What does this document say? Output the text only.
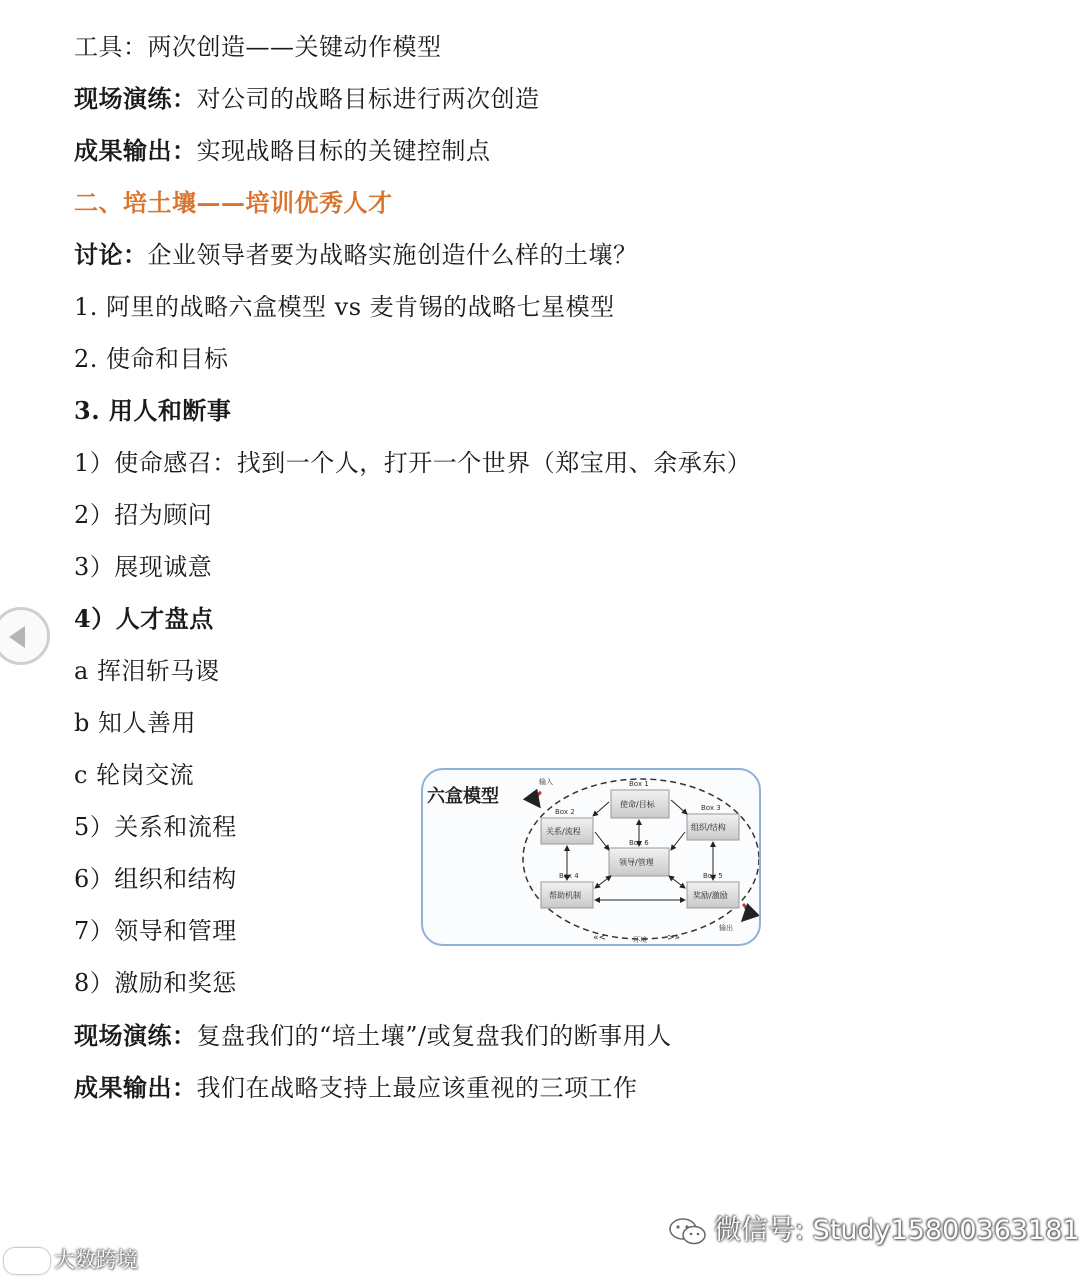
工具：两次创造——关键动作模型
现场演练：对公司的战略目标进行两次创造
成果输出：实现战略目标的关键控制点
二、培土壤——培训优秀人才
讨论：企业领导者要为战略实施创造什么样的土壤？
1. 阿里的战略六盒模型 vs 麦肯锡的战略七星模型
2. 使命和目标
3. 用人和断事
1）使命感召：找到一个人，打开一个世界（郑宝用、余承东）
2）招为顾问
3）展现诚意
4）人才盘点
a 挥泪斩马谡
b 知人善用
c 轮岗交流
5）关系和流程
6）组织和结构
7）领导和管理
8）激励和奖惩
现场演练：复盘我们的“培土壤”/或复盘我们的断事用人
成果输出：我们在战略支持上最应该重视的三项工作
六盒模型
输入
输出
环境
«<	>»
Box 1
使命/目标
Box 2
关系/流程
Box 3
组织/结构
Box 4
帮助机制
Box 5
奖励/激励
Box 6
领导/管理
微信号: Study15800363181
大数跨境
